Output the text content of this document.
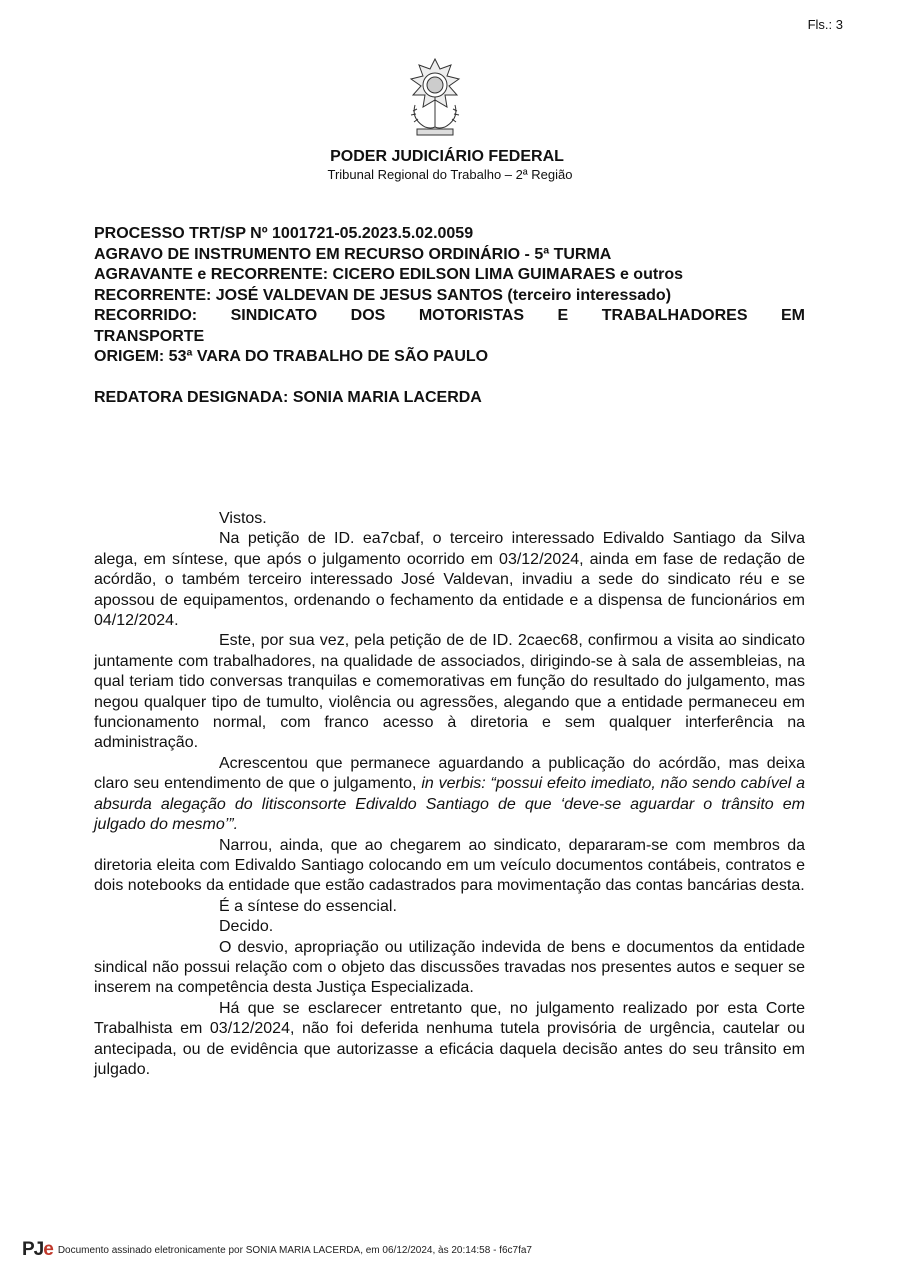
Fls.: 3
PODER JUDICIÁRIO FEDERAL
Tribunal Regional do Trabalho – 2ª Região
PROCESSO TRT/SP Nº 1001721-05.2023.5.02.0059
AGRAVO DE INSTRUMENTO EM RECURSO ORDINÁRIO - 5ª TURMA
AGRAVANTE e RECORRENTE: CICERO EDILSON LIMA GUIMARAES e outros
RECORRENTE: JOSÉ VALDEVAN DE JESUS SANTOS (terceiro interessado)
RECORRIDO: SINDICATO DOS MOTORISTAS E TRABALHADORES EM
TRANSPORTE
ORIGEM: 53ª VARA DO TRABALHO DE SÃO PAULO
REDATORA DESIGNADA: SONIA MARIA LACERDA

Vistos.

Na petição de ID. ea7cbaf, o terceiro interessado Edivaldo Santiago da Silva alega, em síntese, que após o julgamento ocorrido em 03/12/2024, ainda em fase de redação de acórdão, o também terceiro interessado José Valdevan, invadiu a sede do sindicato réu e se apossou de equipamentos, ordenando o fechamento da entidade e a dispensa de funcionários em 04/12/2024.

Este, por sua vez, pela petição de de ID. 2caec68, confirmou a visita ao sindicato juntamente com trabalhadores, na qualidade de associados, dirigindo-se à sala de assembleias, na qual teriam tido conversas tranquilas e comemorativas em função do resultado do julgamento, mas negou qualquer tipo de tumulto, violência ou agressões, alegando que a entidade permaneceu em funcionamento normal, com franco acesso à diretoria e sem qualquer interferência na administração.

Acrescentou que permanece aguardando a publicação do acórdão, mas deixa claro seu entendimento de que o julgamento, in verbis: “possui efeito imediato, não sendo cabível a absurda alegação do litisconsorte Edivaldo Santiago de que ‘deve-se aguardar o trânsito em julgado do mesmo’”.

Narrou, ainda, que ao chegarem ao sindicato, depararam-se com membros da diretoria eleita com Edivaldo Santiago colocando em um veículo documentos contábeis, contratos e dois notebooks da entidade que estão cadastrados para movimentação das contas bancárias desta.

É a síntese do essencial.

Decido.

O desvio, apropriação ou utilização indevida de bens e documentos da entidade sindical não possui relação com o objeto das discussões travadas nos presentes autos e sequer se inserem na competência desta Justiça Especializada.

Há que se esclarecer entretanto que, no julgamento realizado por esta Corte Trabalhista em 03/12/2024, não foi deferida nenhuma tutela provisória de urgência, cautelar ou antecipada, ou de evidência que autorizasse a eficácia daquela decisão antes do seu trânsito em julgado.

PJe Documento assinado eletronicamente por SONIA MARIA LACERDA, em 06/12/2024, às 20:14:58 - f6c7fa7
